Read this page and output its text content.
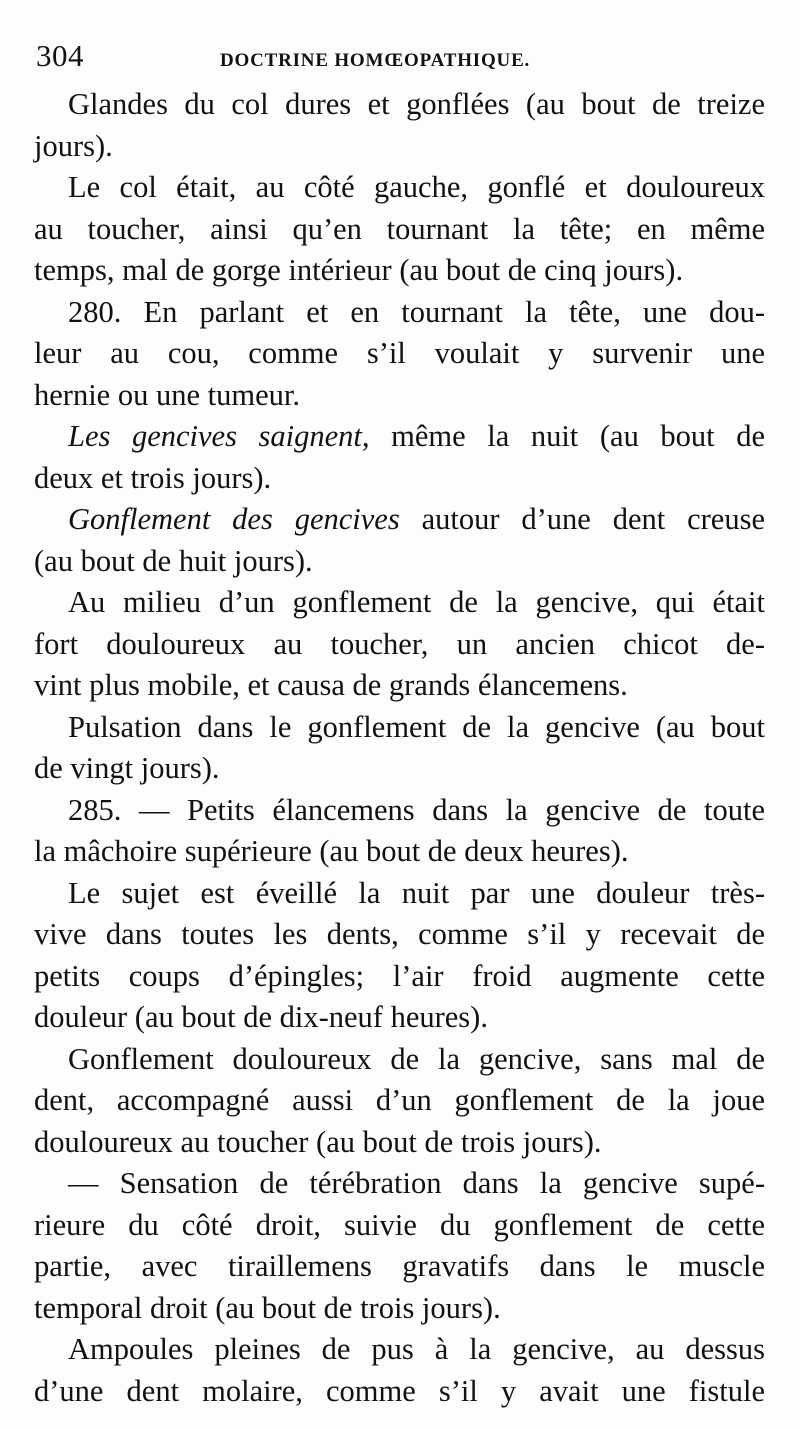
304	DOCTRINE HOMŒOPATHIQUE.
Glandes du col dures et gonflées (au bout de treize
jours).
Le col était, au côté gauche, gonflé et douloureux
au toucher, ainsi qu’en tournant la tête; en même
temps, mal de gorge intérieur (au bout de cinq jours).
280. En parlant et en tournant la tête, une dou-
leur au cou, comme s’il voulait y survenir une
hernie ou une tumeur.
Les gencives saignent, même la nuit (au bout de
deux et trois jours).
Gonflement des gencives autour d’une dent creuse
(au bout de huit jours).
Au milieu d’un gonflement de la gencive, qui était
fort douloureux au toucher, un ancien chicot de-
vint plus mobile, et causa de grands élancemens.
Pulsation dans le gonflement de la gencive (au bout
de vingt jours).
285. — Petits élancemens dans la gencive de toute
la mâchoire supérieure (au bout de deux heures).
Le sujet est éveillé la nuit par une douleur très-
vive dans toutes les dents, comme s’il y recevait de
petits coups d’épingles; l’air froid augmente cette
douleur (au bout de dix-neuf heures).
Gonflement douloureux de la gencive, sans mal de
dent, accompagné aussi d’un gonflement de la joue
douloureux au toucher (au bout de trois jours).
— Sensation de térébration dans la gencive supé-
rieure du côté droit, suivie du gonflement de cette
partie, avec tiraillemens gravatifs dans le muscle
temporal droit (au bout de trois jours).
Ampoules pleines de pus à la gencive, au dessus
d’une dent molaire, comme s’il y avait une fistule
